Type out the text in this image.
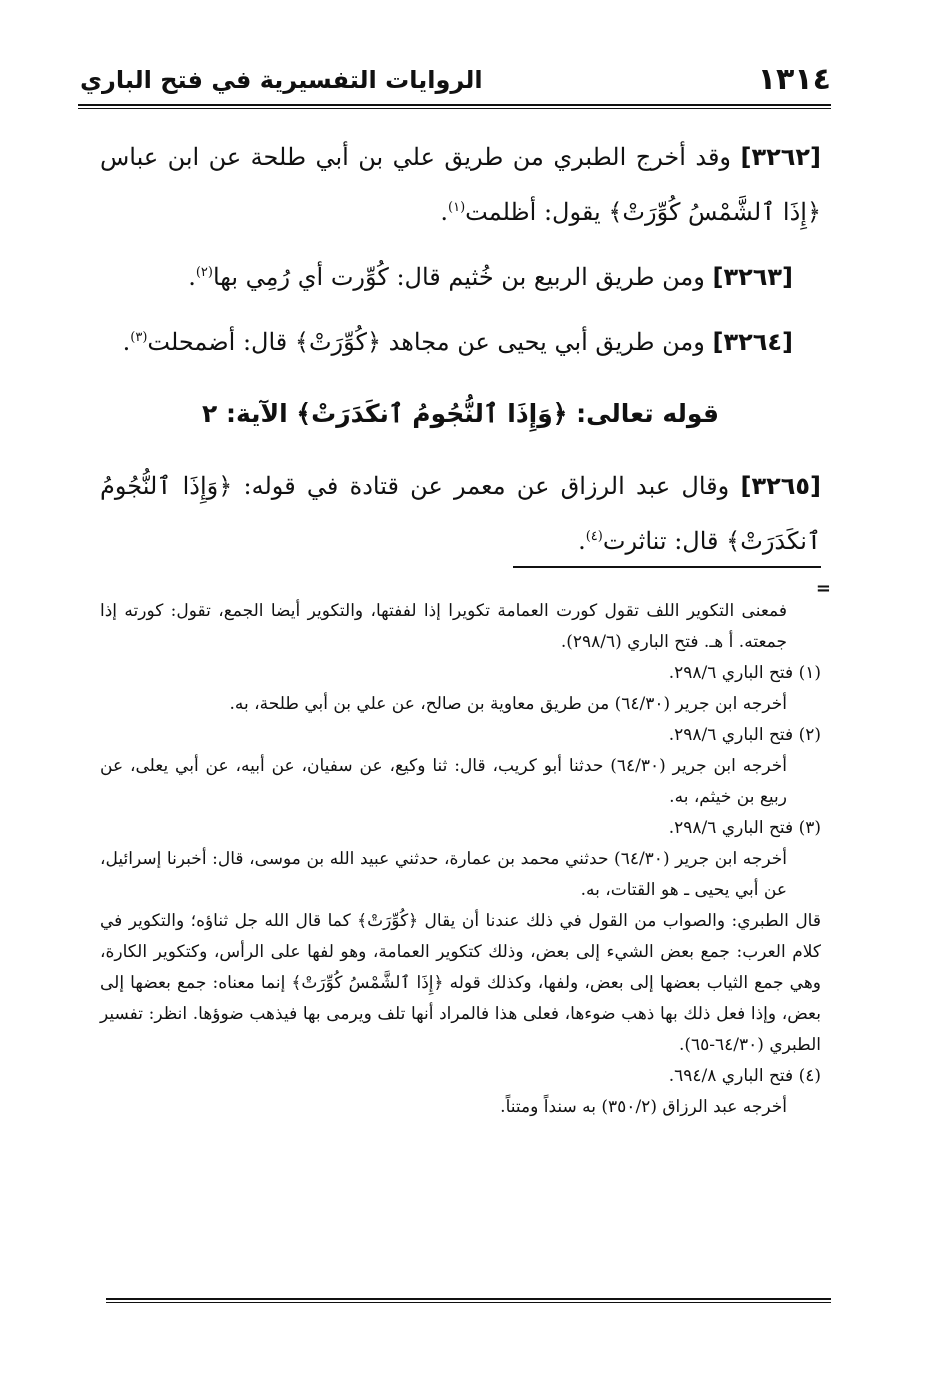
١٣١٤
الروايات التفسيرية في فتح الباري

[٣٢٦٢] وقد أخرج الطبري من طريق علي بن أبي طلحة عن ابن عباس ﴿إِذَا ٱلشَّمْسُ كُوِّرَتْ﴾ يقول: أظلمت$^{(١)}$.

[٣٢٦٣] ومن طريق الربيع بن خُثيم قال: كُوِّرت أي رُمِي بها$^{(٢)}$.

[٣٢٦٤] ومن طريق أبي يحيى عن مجاهد ﴿كُوِّرَتْ﴾ قال: أضمحلت$^{(٣)}$.

قوله تعالى: ﴿وَإِذَا ٱلنُّجُومُ ٱنكَدَرَتْ﴾ الآية: ٢

[٣٢٦٥] وقال عبد الرزاق عن معمر عن قتادة في قوله: ﴿وَإِذَا ٱلنُّجُومُ ٱنكَدَرَتْ﴾ قال: تناثرت$^{(٤)}$.

=

فمعنى التكوير اللف تقول كورت العمامة تكويرا إذا لففتها، والتكوير أيضا الجمع، تقول: كورته إذا جمعته. أ هـ. فتح الباري (٢٩٨/٦).

(١) فتح الباري ٢٩٨/٦.

أخرجه ابن جرير (٦٤/٣٠) من طريق معاوية بن صالح، عن علي بن أبي طلحة، به.

(٢) فتح الباري ٢٩٨/٦.

أخرجه ابن جرير (٦٤/٣٠) حدثنا أبو كريب، قال: ثنا وكيع، عن سفيان، عن أبيه، عن أبي يعلى، عن ربيع بن خيثم، به.

(٣) فتح الباري ٢٩٨/٦.

أخرجه ابن جرير (٦٤/٣٠) حدثني محمد بن عمارة، حدثني عبيد الله بن موسى، قال: أخبرنا إسرائيل، عن أبي يحيى ـ هو القتات، به.

قال الطبري: والصواب من القول في ذلك عندنا أن يقال ﴿كُوِّرَتْ﴾ كما قال الله جل ثناؤه؛ والتكوير في كلام العرب: جمع بعض الشيء إلى بعض، وذلك كتكوير العمامة، وهو لفها على الرأس، وكتكوير الكارة، وهي جمع الثياب بعضها إلى بعض، ولفها، وكذلك قوله ﴿إِذَا ٱلشَّمْسُ كُوِّرَتْ﴾ إنما معناه: جمع بعضها إلى بعض، وإذا فعل ذلك بها ذهب ضوءها، فعلى هذا فالمراد أنها تلف ويرمى بها فيذهب ضوؤها. انظر: تفسير الطبري (٦٤/٣٠-٦٥).

(٤) فتح الباري ٦٩٤/٨.

أخرجه عبد الرزاق (٣٥٠/٢) به سنداً ومتناً.
